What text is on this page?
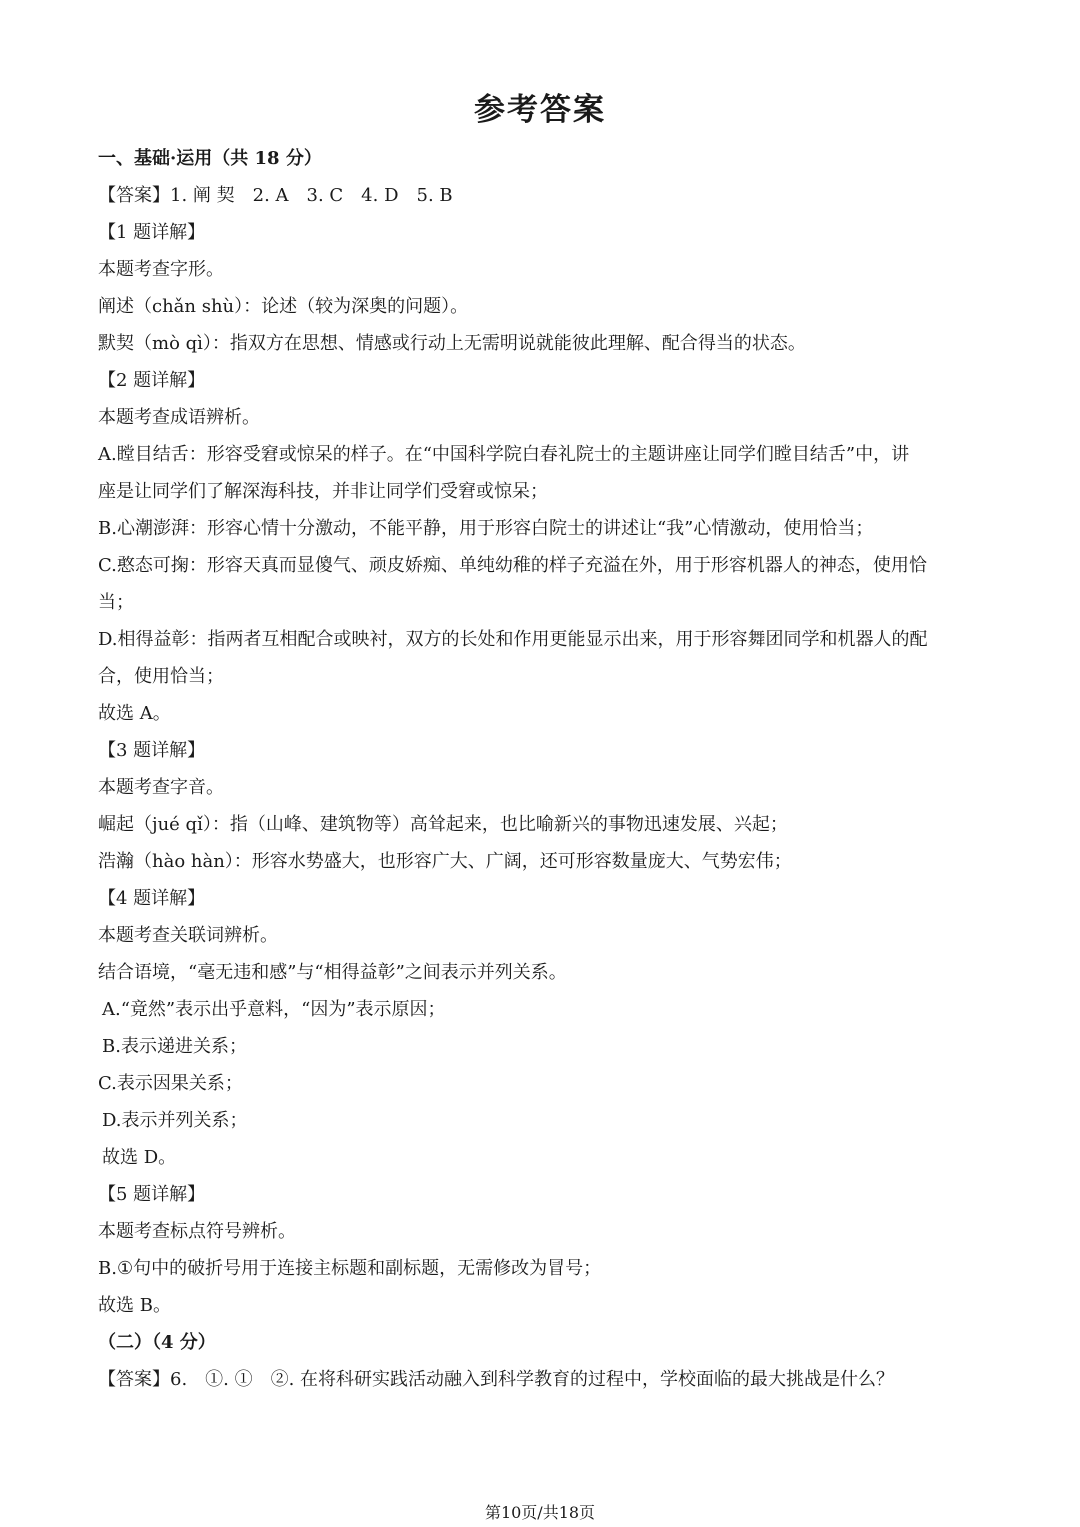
参考答案
一、基础·运用（共 18 分）
【答案】1. 阐 契　2. A　3. C　4. D　5. B
【1 题详解】
本题考查字形。
阐述（chǎn shù）：论述（较为深奥的问题）。
默契（mò qì）：指双方在思想、情感或行动上无需明说就能彼此理解、配合得当的状态。
【2 题详解】
本题考查成语辨析。
A.瞠目结舌：形容受窘或惊呆的样子。在“中国科学院白春礼院士的主题讲座让同学们瞠目结舌”中，讲
座是让同学们了解深海科技，并非让同学们受窘或惊呆；
B.心潮澎湃：形容心情十分激动，不能平静，用于形容白院士的讲述让“我”心情激动，使用恰当；
C.憨态可掬：形容天真而显傻气、顽皮娇痴、单纯幼稚的样子充溢在外，用于形容机器人的神态，使用恰
当；
D.相得益彰：指两者互相配合或映衬，双方的长处和作用更能显示出来，用于形容舞团同学和机器人的配
合，使用恰当；
故选 A。
【3 题详解】
本题考查字音。
崛起（jué qǐ）：指（山峰、建筑物等）高耸起来，也比喻新兴的事物迅速发展、兴起；
浩瀚（hào hàn）：形容水势盛大，也形容广大、广阔，还可形容数量庞大、气势宏伟；
【4 题详解】
本题考查关联词辨析。
结合语境，“毫无违和感”与“相得益彰”之间表示并列关系。
A.“竟然”表示出乎意料，“因为”表示原因；
B.表示递进关系；
C.表示因果关系；
D.表示并列关系；
故选 D。
【5 题详解】
本题考查标点符号辨析。
B.①句中的破折号用于连接主标题和副标题，无需修改为冒号；
故选 B。
（二）（4 分）
【答案】6.　①. ①　②. 在将科研实践活动融入到科学教育的过程中，学校面临的最大挑战是什么？
第10页/共18页
